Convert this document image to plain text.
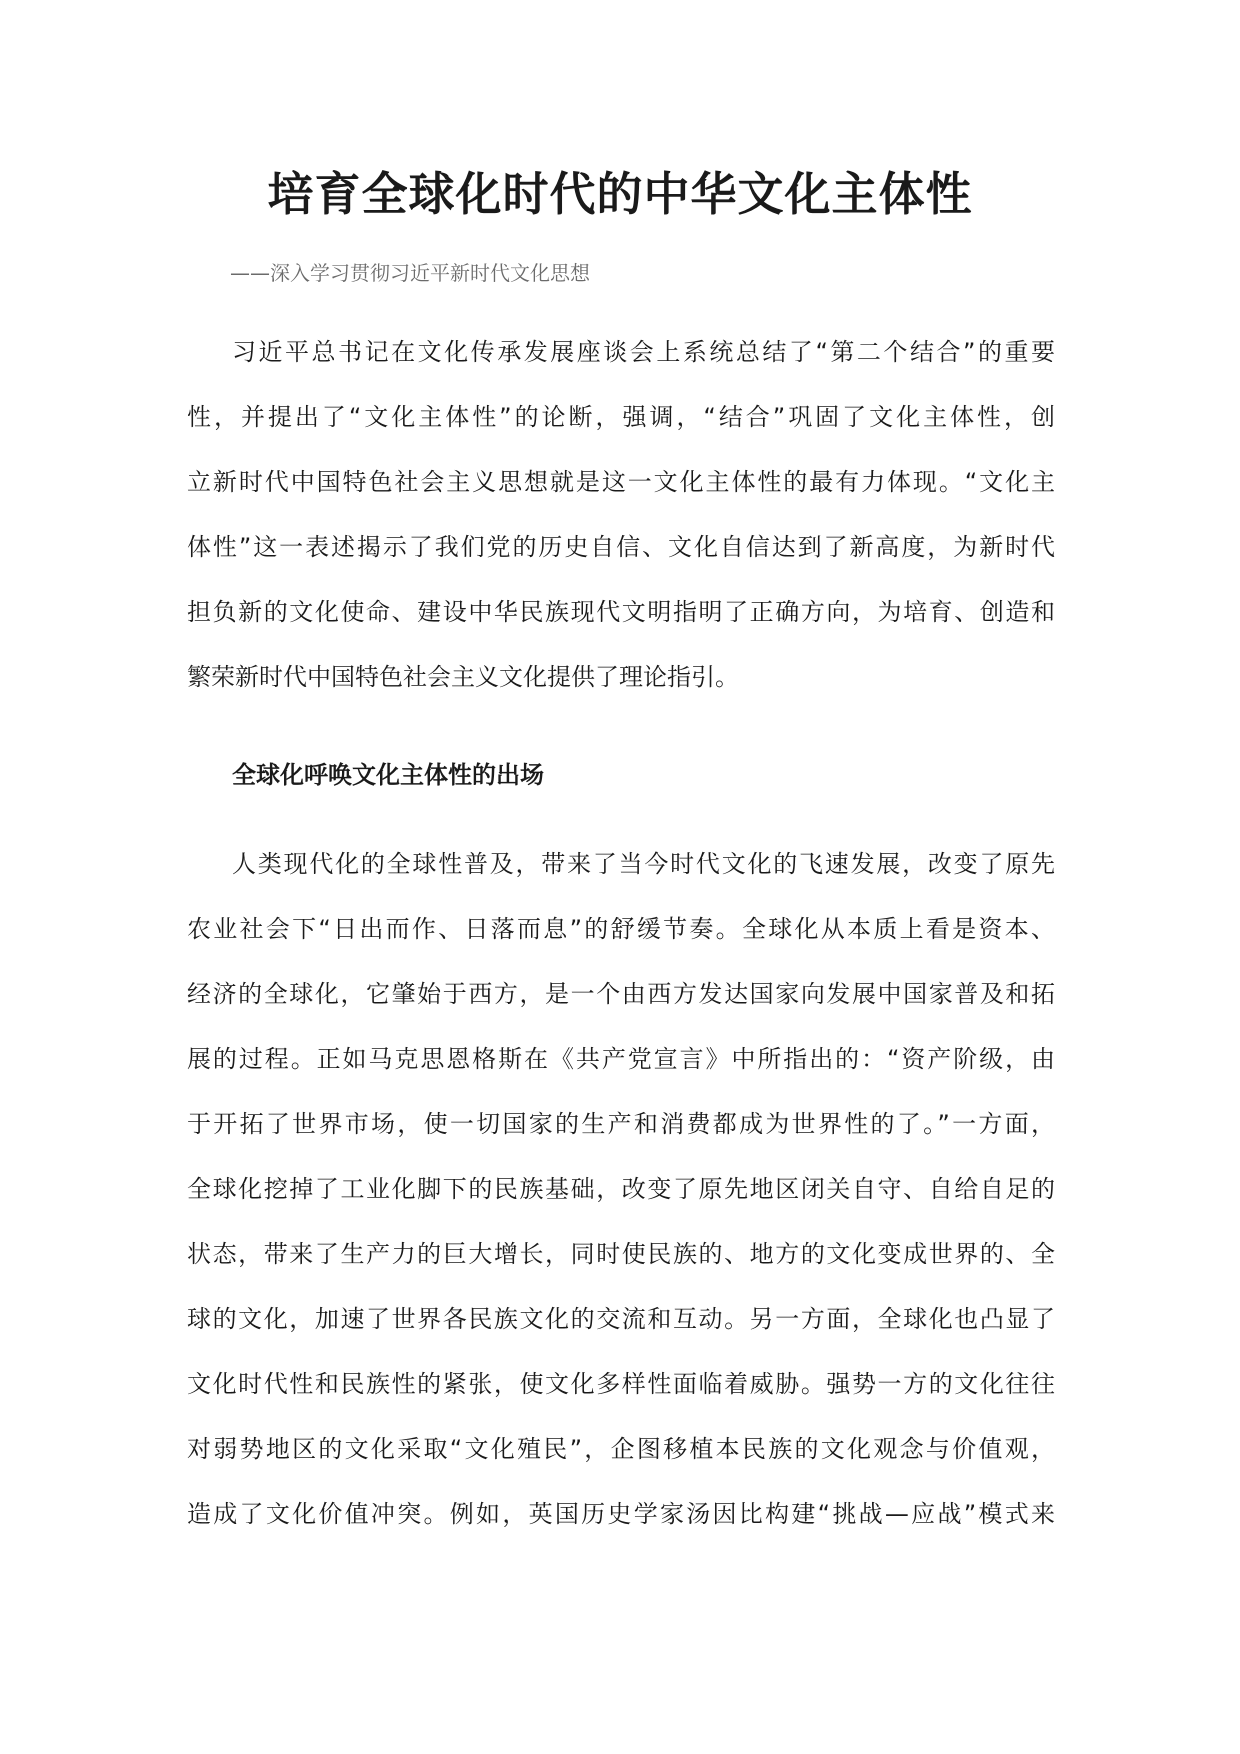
培育全球化时代的中华文化主体性

——深入学习贯彻习近平新时代文化思想

习近平总书记在文化传承发展座谈会上系统总结了“第二个结合”的重要
性，并提出了“文化主体性”的论断，强调，“结合”巩固了文化主体性，创
立新时代中国特色社会主义思想就是这一文化主体性的最有力体现。“文化主
体性”这一表述揭示了我们党的历史自信、文化自信达到了新高度，为新时代
担负新的文化使命、建设中华民族现代文明指明了正确方向，为培育、创造和
繁荣新时代中国特色社会主义文化提供了理论指引。
全球化呼唤文化主体性的出场
人类现代化的全球性普及，带来了当今时代文化的飞速发展，改变了原先
农业社会下“日出而作、日落而息”的舒缓节奏。全球化从本质上看是资本、
经济的全球化，它肇始于西方，是一个由西方发达国家向发展中国家普及和拓
展的过程。正如马克思恩格斯在《共产党宣言》中所指出的：“资产阶级，由
于开拓了世界市场，使一切国家的生产和消费都成为世界性的了。”一方面，
全球化挖掉了工业化脚下的民族基础，改变了原先地区闭关自守、自给自足的
状态，带来了生产力的巨大增长，同时使民族的、地方的文化变成世界的、全
球的文化，加速了世界各民族文化的交流和互动。另一方面，全球化也凸显了
文化时代性和民族性的紧张，使文化多样性面临着威胁。强势一方的文化往往
对弱势地区的文化采取“文化殖民”，企图移植本民族的文化观念与价值观，
造成了文化价值冲突。例如，英国历史学家汤因比构建“挑战—应战”模式来
